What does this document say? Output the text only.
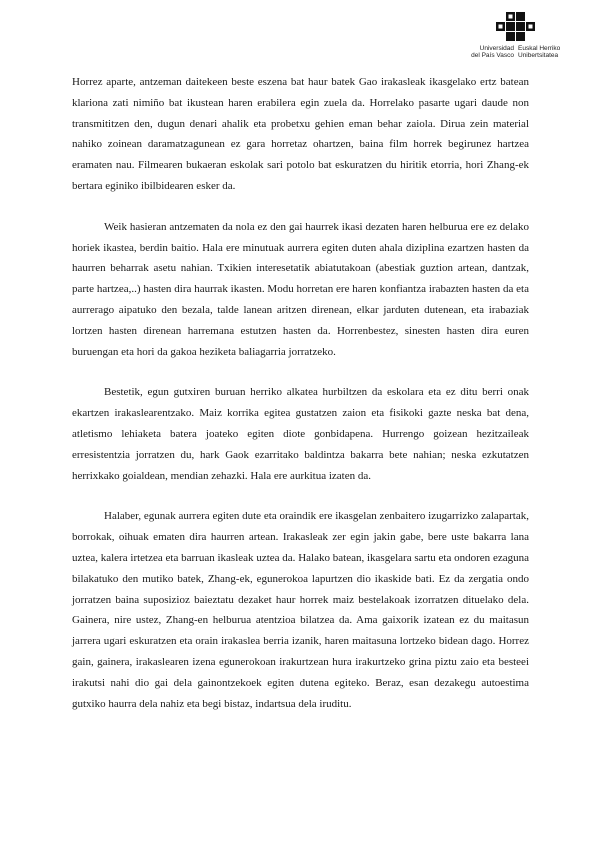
Universidad
del País Vasco
Euskal Herriko
Unibertsitatea

Horrez aparte, antzeman daitekeen beste eszena bat haur batek Gao irakasleak ikasgelako ertz batean klariona zati nimiño bat ikustean haren erabilera egin zuela da. Horrelako pasarte ugari daude non transmititzen den, dugun denari ahalik eta probetxu gehien eman behar zaiola. Dirua zein material nahiko zoinean daramatzagunean ez gara horretaz ohartzen, baina film horrek begirunez hartzea eramaten nau. Filmearen bukaeran eskolak sari potolo bat eskuratzen du hiritik etorria, hori Zhang-ek bertara eginiko ibilbidearen esker da.

Weik hasieran antzematen da nola ez den gai haurrek ikasi dezaten haren helburua ere ez delako horiek ikastea, berdin baitio. Hala ere minutuak aurrera egiten duten ahala diziplina ezartzen hasten da haurren beharrak asetu nahian. Txikien interesetatik abiatutakoan (abestiak guztion artean, dantzak, parte hartzea,..) hasten dira haurrak ikasten. Modu horretan ere haren konfiantza irabazten hasten da eta aurrerago aipatuko den bezala, talde lanean aritzen direnean, elkar jarduten dutenean, eta irabaziak lortzen hasten direnean harremana estutzen hasten da. Horrenbestez, sinesten hasten dira euren buruengan eta hori da gakoa heziketa baliagarria jorratzeko.

Bestetik, egun gutxiren buruan herriko alkatea hurbiltzen da eskolara eta ez ditu berri onak ekartzen irakaslearentzako. Maiz korrika egitea gustatzen zaion eta fisikoki gazte neska bat dena, atletismo lehiaketa batera joateko egiten diote gonbidapena. Hurrengo goizean hezitzaileak erresistentzia jorratzen du, hark Gaok ezarritako baldintza bakarra bete nahian; neska ezkutatzen herrixkako goialdean, mendian zehazki. Hala ere aurkitua izaten da.

Halaber, egunak aurrera egiten dute eta oraindik ere ikasgelan zenbaitero izugarrizko zalapartak, borrokak, oihuak ematen dira haurren artean. Irakasleak zer egin jakin gabe, bere uste bakarra lana uztea, kalera irtetzea eta barruan ikasleak uztea da. Halako batean, ikasgelara sartu eta ondoren ezaguna bilakatuko den mutiko batek, Zhang-ek, egunerokoa lapurtzen dio ikaskide bati. Ez da zergatia ondo jorratzen baina suposizioz baieztatu dezaket haur horrek maiz bestelakoak izorratzen dituelako dela. Gainera, nire ustez, Zhang-en helburua atentzioa bilatzea da. Ama gaixorik izatean ez du maitasun jarrera ugari eskuratzen eta orain irakaslea berria izanik, haren maitasuna lortzeko bidean dago. Horrez gain, gainera, irakaslearen izena egunerokoan irakurtzean hura irakurtzeko grina piztu zaio eta besteei irakutsi nahi dio gai dela gainontzekoek egiten dutena egiteko. Beraz, esan dezakegu autoestima gutxiko haurra dela nahiz eta begi bistaz, indartsua dela iruditu.
